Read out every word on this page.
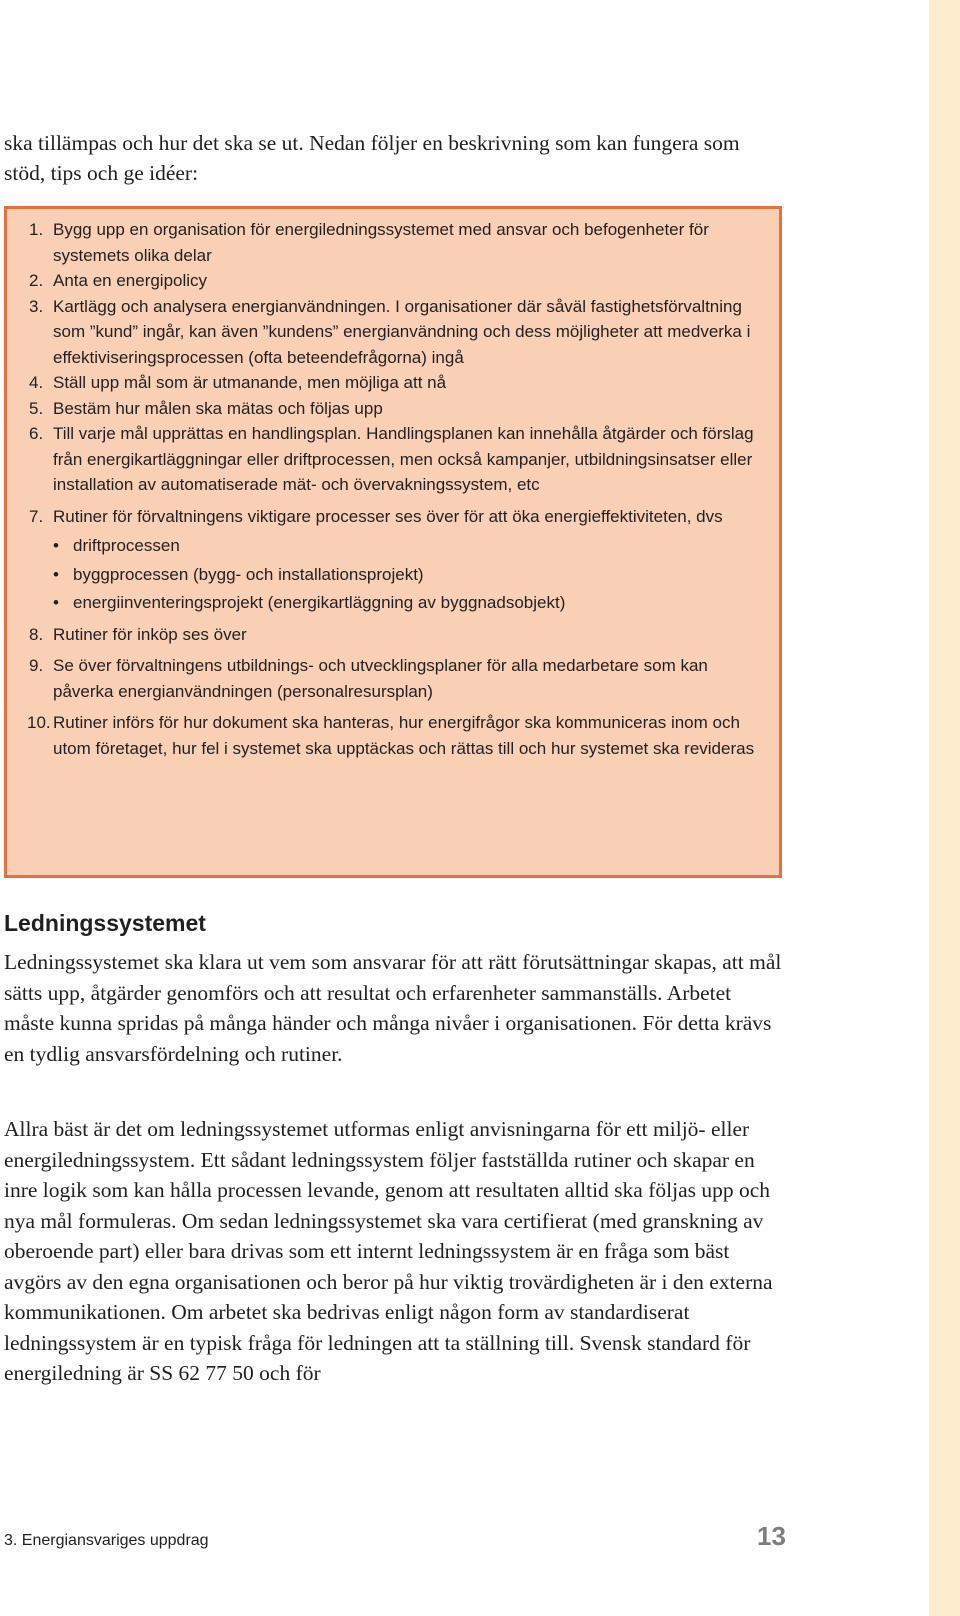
ska tillämpas och hur det ska se ut. Nedan följer en beskrivning som kan fungera som stöd, tips och ge idéer:

1. Bygg upp en organisation för energiledningssystemet med ansvar och befogenheter för systemets olika delar
2. Anta en energipolicy
3. Kartlägg och analysera energianvändningen. I organisationer där såväl fastighetsförvaltning som ”kund” ingår, kan även ”kundens” energianvändning och dess möjligheter att medverka i effektiviseringsprocessen (ofta beteendefrågorna) ingå
4. Ställ upp mål som är utmanande, men möjliga att nå
5. Bestäm hur målen ska mätas och följas upp
6. Till varje mål upprättas en handlingsplan. Handlingsplanen kan innehålla åtgärder och förslag från energikartläggningar eller driftprocessen, men också kampanjer, utbildningsinsatser eller installation av automatiserade mät- och övervakningssystem, etc
7. Rutiner för förvaltningens viktigare processer ses över för att öka energieffektiviteten, dvs
• driftprocessen
• byggprocessen (bygg- och installationsprojekt)
• energiinventeringsprojekt (energikartläggning av byggnadsobjekt)
8. Rutiner för inköp ses över
9. Se över förvaltningens utbildnings- och utvecklingsplaner för alla medarbetare som kan påverka energianvändningen (personalresursplan)
10. Rutiner införs för hur dokument ska hanteras, hur energifrågor ska kommuniceras inom och utom företaget, hur fel i systemet ska upptäckas och rättas till och hur systemet ska revideras
Ledningssystemet

Ledningssystemet ska klara ut vem som ansvarar för att rätt förutsättningar skapas, att mål sätts upp, åtgärder genomförs och att resultat och erfarenheter sammanställs. Arbetet måste kunna spridas på många händer och många nivåer i organisationen. För detta krävs en tydlig ansvarsfördelning och rutiner.

Allra bäst är det om ledningssystemet utformas enligt anvisningarna för ett miljö- eller energiledningssystem. Ett sådant ledningssystem följer fastställda rutiner och skapar en inre logik som kan hålla processen levande, genom att resultaten alltid ska följas upp och nya mål formuleras. Om sedan ledningssystemet ska vara certifierat (med granskning av oberoende part) eller bara drivas som ett internt ledningssystem är en fråga som bäst avgörs av den egna organisationen och beror på hur viktig trovärdigheten är i den externa kommunikationen. Om arbetet ska bedrivas enligt någon form av standardiserat ledningssystem är en typisk fråga för ledningen att ta ställning till. Svensk standard för energiledning är SS 62 77 50 och för

3. Energiansvariges uppdrag	13
